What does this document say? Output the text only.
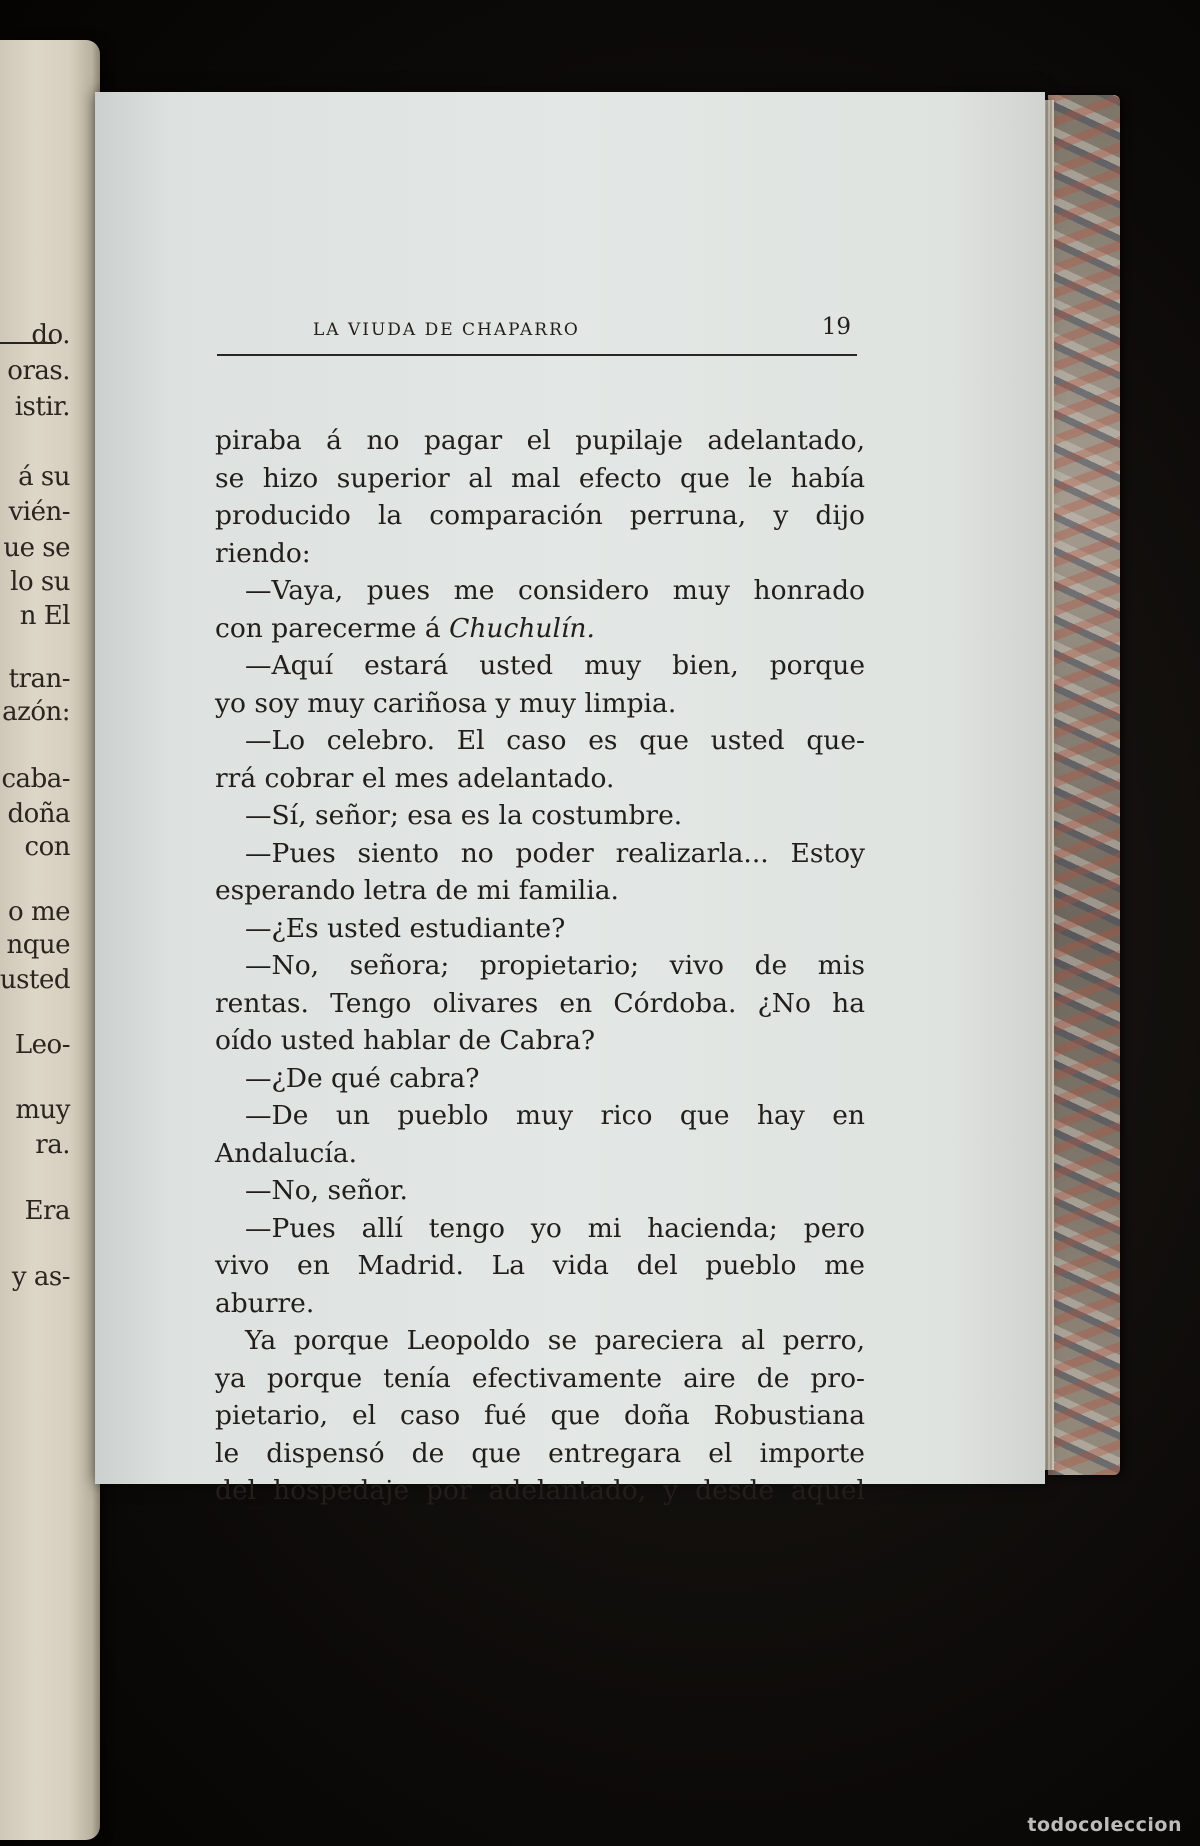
do.
oras.
istir.
á su
vién-
ue se
lo su
n El
tran-
azón:
caba-
doña
con
o me
nque
usted
Leo-
muy
ra.
Era
y as-
LA VIUDA DE CHAPARRO	19
piraba á no pagar el pupilaje adelantado,
se hizo superior al mal efecto que le había
producido la comparación perruna, y dijo
riendo:
—Vaya, pues me considero muy honrado
con parecerme á Chuchulín.
—Aquí estará usted muy bien, porque
yo soy muy cariñosa y muy limpia.
—Lo celebro. El caso es que usted que-
rrá cobrar el mes adelantado.
—Sí, señor; esa es la costumbre.
—Pues siento no poder realizarla... Estoy
esperando letra de mi familia.
—¿Es usted estudiante?
—No, señora; propietario; vivo de mis
rentas. Tengo olivares en Córdoba. ¿No ha
oído usted hablar de Cabra?
—¿De qué cabra?
—De un pueblo muy rico que hay en
Andalucía.
—No, señor.
—Pues allí tengo yo mi hacienda; pero
vivo en Madrid. La vida del pueblo me
aburre.
Ya porque Leopoldo se pareciera al perro,
ya porque tenía efectivamente aire de pro-
pietario, el caso fué que doña Robustiana
le dispensó de que entregara el importe
del hospedaje por adelantado, y desde aquel
todocoleccion
